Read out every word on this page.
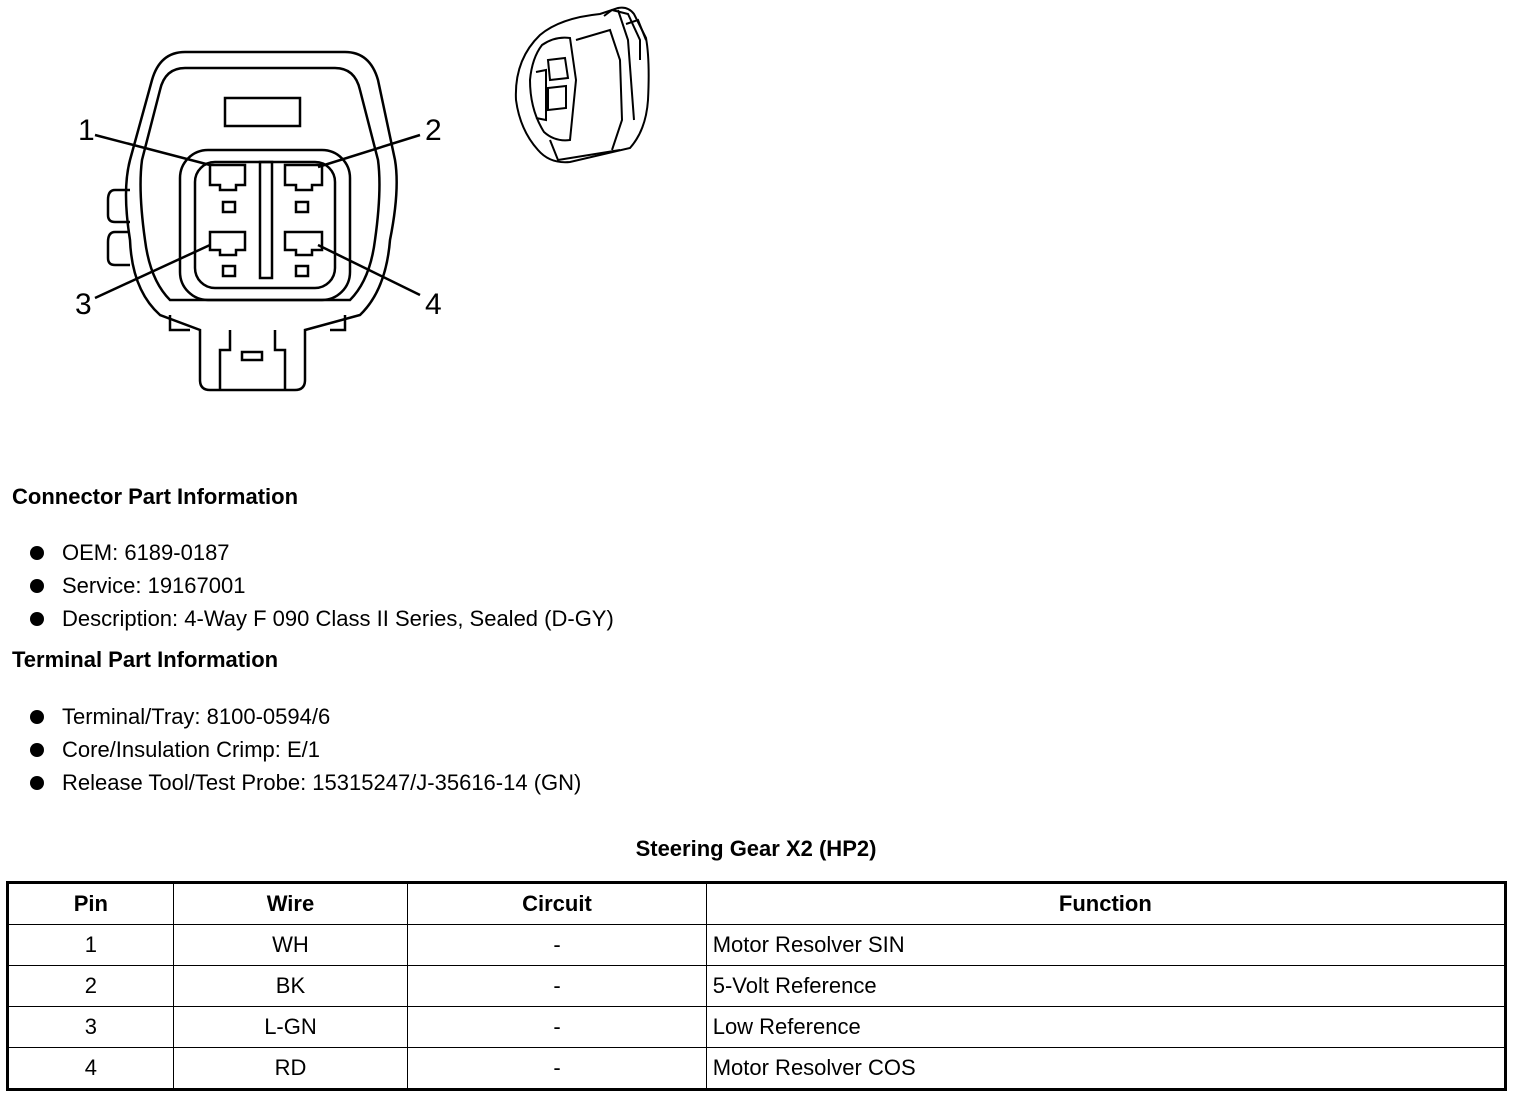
1	2
3	4
Connector Part Information
OEM: 6189-0187
Service: 19167001
Description: 4-Way F 090 Class II Series, Sealed (D-GY)
Terminal Part Information
Terminal/Tray: 8100-0594/6
Core/Insulation Crimp: E/1
Release Tool/Test Probe: 15315247/J-35616-14 (GN)
Steering Gear X2 (HP2)
Pin	Wire	Circuit	Function
1	WH	-	Motor Resolver SIN
2	BK	-	5-Volt Reference
3	L-GN	-	Low Reference
4	RD	-	Motor Resolver COS
